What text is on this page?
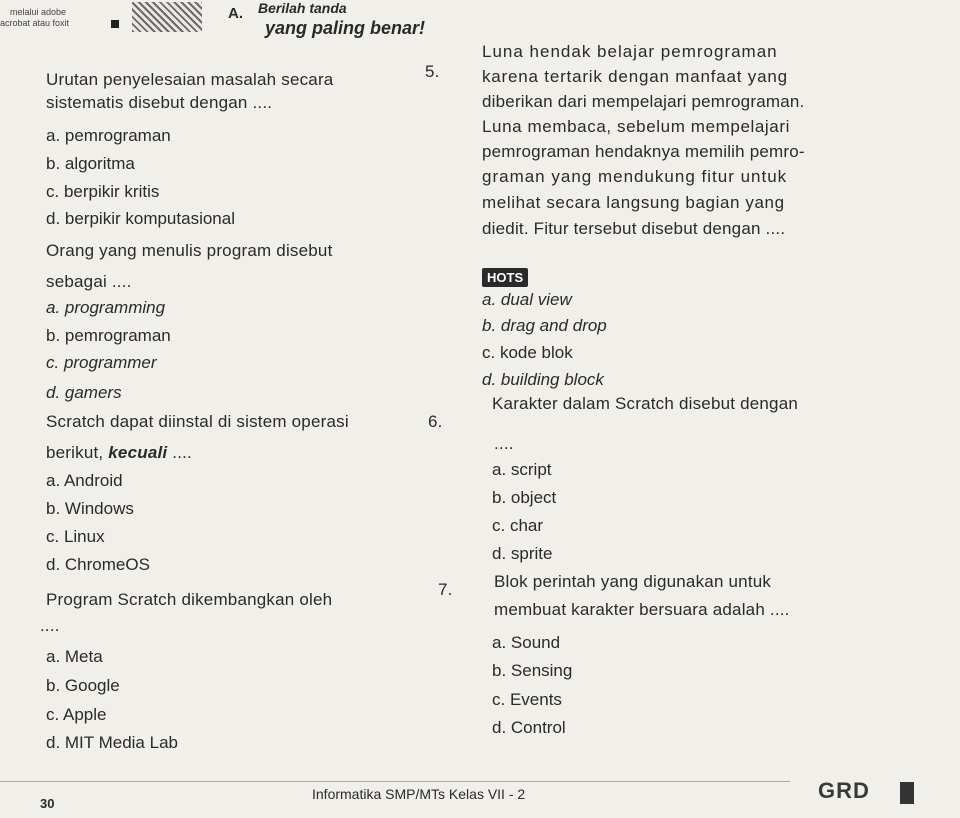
melalui adobe
acrobat atau foxit
A. Berilah tanda
yang paling benar!
Urutan penyelesaian masalah secara
sistematis disebut dengan ....
a. pemrograman
b. algoritma
c. berpikir kritis
d. berpikir komputasional
Orang yang menulis program disebut
sebagai ....
a. programming
b. pemrograman
c. programmer
d. gamers
Scratch dapat diinstal di sistem operasi
berikut, kecuali ....
a. Android
b. Windows
c. Linux
d. ChromeOS
Program Scratch dikembangkan oleh
....
a. Meta
b. Google
c. Apple
d. MIT Media Lab
5.
Luna hendak belajar pemrograman
karena tertarik dengan manfaat yang
diberikan dari mempelajari pemrograman.
Luna membaca, sebelum mempelajari
pemrograman hendaknya memilih pemro-
graman yang mendukung fitur untuk
melihat secara langsung bagian yang
diedit. Fitur tersebut disebut dengan ....
HOTS
a. dual view
b. drag and drop
c. kode blok
d. building block
6.
Karakter dalam Scratch disebut dengan
....
a. script
b. object
c. char
d. sprite
7. Blok perintah yang digunakan untuk
membuat karakter bersuara adalah ....
a. Sound
b. Sensing
c. Events
d. Control
30
Informatika SMP/MTs Kelas VII - 2	GRD
